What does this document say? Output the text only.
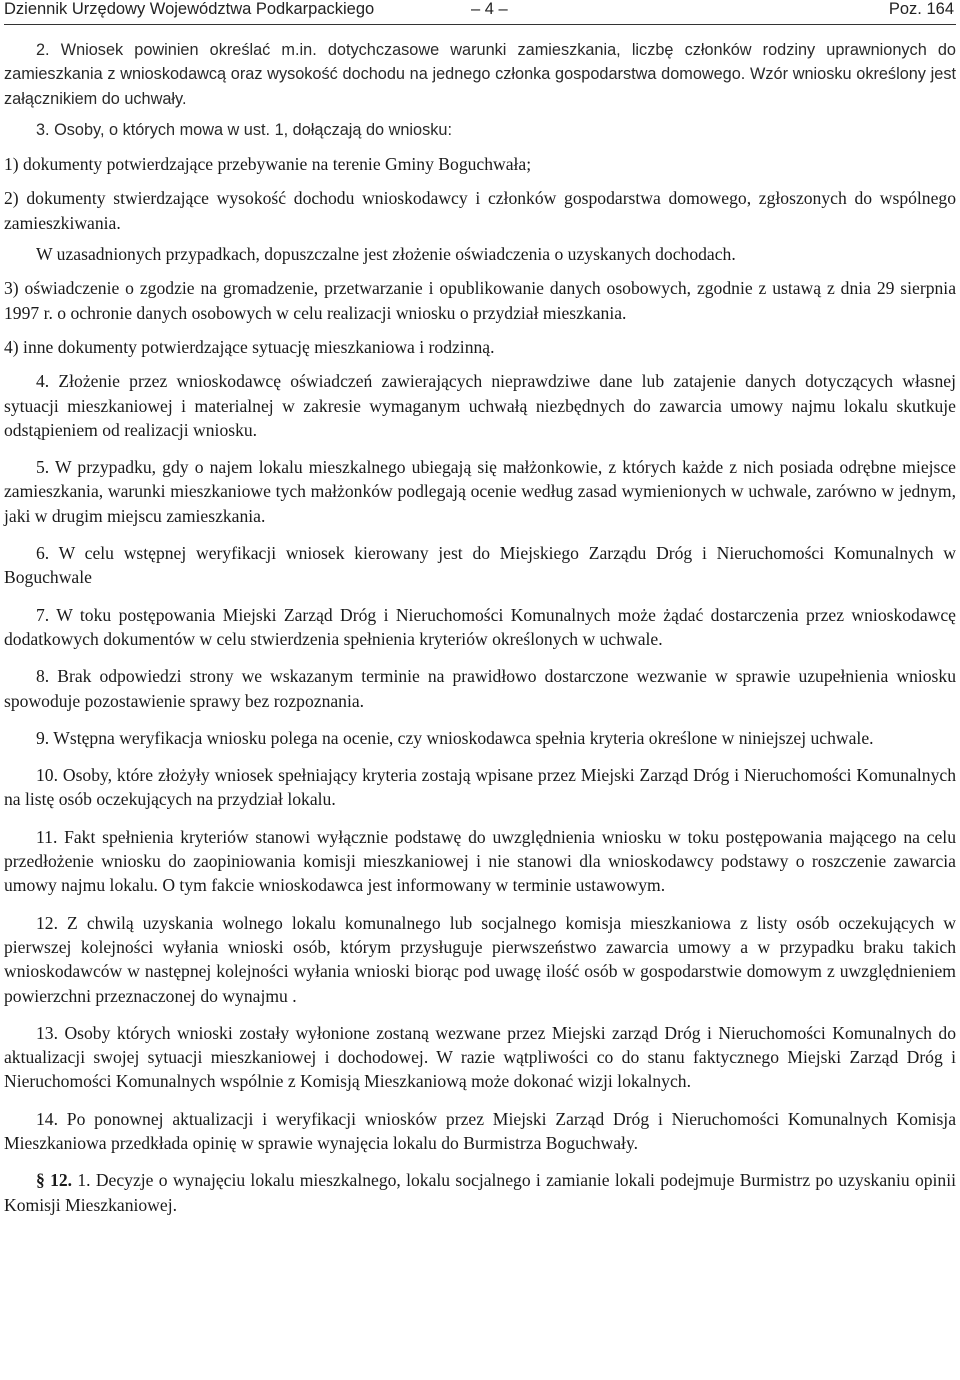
Dziennik Urzędowy Województwa Podkarpackiego	– 4 –	Poz. 164

2. Wniosek powinien określać m.in. dotychczasowe warunki zamieszkania, liczbę członków rodziny uprawnionych do zamieszkania z wnioskodawcą oraz wysokość dochodu na jednego członka gospodarstwa domowego. Wzór wniosku określony jest załącznikiem do uchwały.

3. Osoby, o których mowa w ust. 1, dołączają do wniosku:

1) dokumenty potwierdzające przebywanie na terenie Gminy Boguchwała;

2) dokumenty stwierdzające wysokość dochodu wnioskodawcy i członków gospodarstwa domowego, zgłoszonych do wspólnego zamieszkiwania.

W uzasadnionych przypadkach, dopuszczalne jest złożenie oświadczenia o uzyskanych dochodach.

3) oświadczenie o zgodzie na gromadzenie, przetwarzanie i opublikowanie danych osobowych, zgodnie z ustawą z dnia 29 sierpnia 1997 r. o ochronie danych osobowych w celu realizacji wniosku o przydział mieszkania.

4) inne dokumenty potwierdzające sytuację mieszkaniowa i rodzinną.

4. Złożenie przez wnioskodawcę oświadczeń zawierających nieprawdziwe dane lub zatajenie danych dotyczących własnej sytuacji mieszkaniowej i materialnej w zakresie wymaganym uchwałą niezbędnych do zawarcia umowy najmu lokalu skutkuje odstąpieniem od realizacji wniosku.

5. W przypadku, gdy o najem lokalu mieszkalnego ubiegają się małżonkowie, z których każde z nich posiada odrębne miejsce zamieszkania, warunki mieszkaniowe tych małżonków podlegają ocenie według zasad wymienionych w uchwale, zarówno w jednym, jaki w drugim miejscu zamieszkania.

6. W celu wstępnej weryfikacji wniosek kierowany jest do Miejskiego Zarządu Dróg i Nieruchomości Komunalnych w Boguchwale

7. W toku postępowania Miejski Zarząd Dróg i Nieruchomości Komunalnych może żądać dostarczenia przez wnioskodawcę dodatkowych dokumentów w celu stwierdzenia spełnienia kryteriów określonych w uchwale.

8. Brak odpowiedzi strony we wskazanym terminie na prawidłowo dostarczone wezwanie w sprawie uzupełnienia wniosku spowoduje pozostawienie sprawy bez rozpoznania.

9. Wstępna weryfikacja wniosku polega na ocenie, czy wnioskodawca spełnia kryteria określone w niniejszej uchwale.

10. Osoby, które złożyły wniosek spełniający kryteria zostają wpisane przez Miejski Zarząd Dróg i Nieruchomości Komunalnych na listę osób oczekujących na przydział lokalu.

11. Fakt spełnienia kryteriów stanowi wyłącznie podstawę do uwzględnienia wniosku w toku postępowania mającego na celu przedłożenie wniosku do zaopiniowania komisji mieszkaniowej i nie stanowi dla wnioskodawcy podstawy o roszczenie zawarcia umowy najmu lokalu. O tym fakcie wnioskodawca jest informowany w terminie ustawowym.

12. Z chwilą uzyskania wolnego lokalu komunalnego lub socjalnego komisja mieszkaniowa z listy osób oczekujących w pierwszej kolejności wyłania wnioski osób, którym przysługuje pierwszeństwo zawarcia umowy a w przypadku braku takich wnioskodawców w następnej kolejności wyłania wnioski biorąc pod uwagę ilość osób w gospodarstwie domowym z uwzględnieniem powierzchni przeznaczonej do wynajmu .

13. Osoby których wnioski zostały wyłonione zostaną wezwane przez Miejski zarząd Dróg i Nieruchomości Komunalnych do aktualizacji swojej sytuacji mieszkaniowej i dochodowej. W razie wątpliwości co do stanu faktycznego Miejski Zarząd Dróg i Nieruchomości Komunalnych wspólnie z Komisją Mieszkaniową może dokonać wizji lokalnych.

14. Po ponownej aktualizacji i weryfikacji wniosków przez Miejski Zarząd Dróg i Nieruchomości Komunalnych Komisja Mieszkaniowa przedkłada opinię w sprawie wynajęcia lokalu do Burmistrza Boguchwały.

§ 12. 1. Decyzje o wynajęciu lokalu mieszkalnego, lokalu socjalnego i zamianie lokali podejmuje Burmistrz po uzyskaniu opinii Komisji Mieszkaniowej.
